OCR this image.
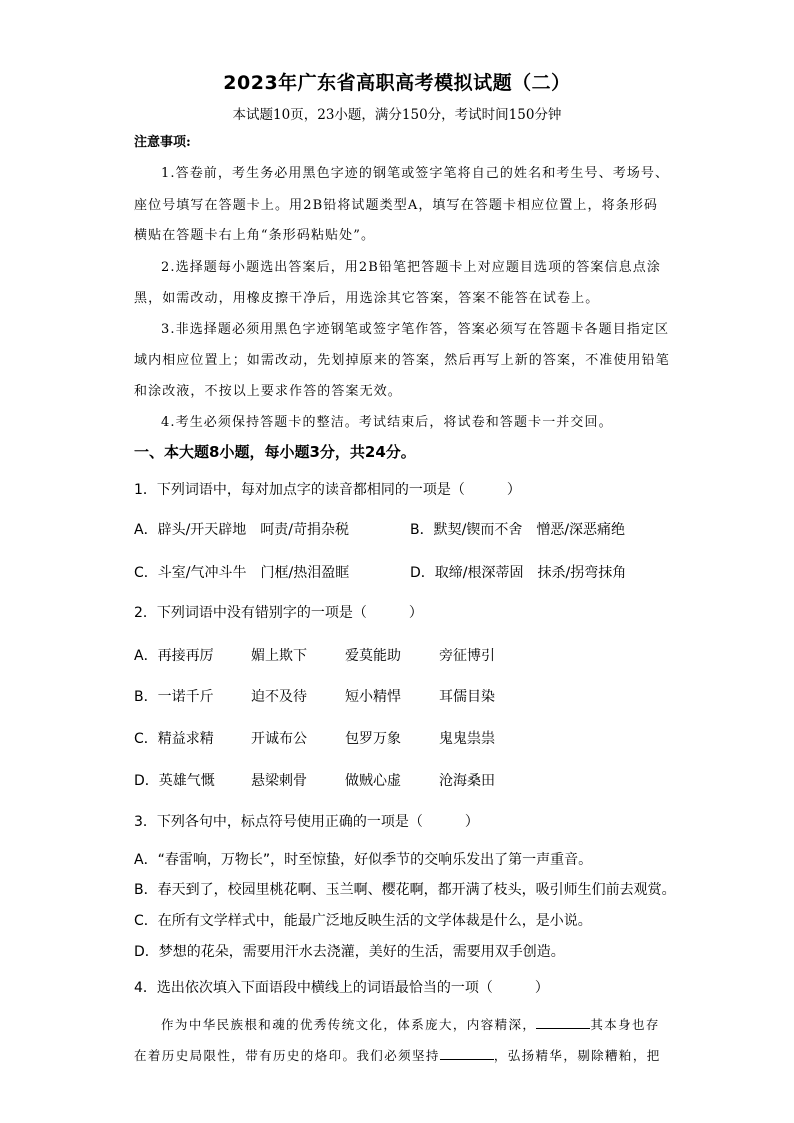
2023年广东省高职高考模拟试题（二）
本试题10页，23小题，满分150分，考试时间150分钟
注意事项:
1.答卷前，考生务必用黑色字迹的钢笔或签字笔将自己的姓名和考生号、考场号、
座位号填写在答题卡上。用2B铅将试题类型A，填写在答题卡相应位置上，将条形码
横贴在答题卡右上角“条形码粘贴处”。
2.选择题每小题选出答案后，用2B铅笔把答题卡上对应题目选项的答案信息点涂
黑，如需改动，用橡皮擦干净后，用选涂其它答案，答案不能答在试卷上。
3.非选择题必须用黑色字迹钢笔或签字笔作答，答案必须写在答题卡各题目指定区
域内相应位置上；如需改动，先划掉原来的答案，然后再写上新的答案，不准使用铅笔
和涂改液，不按以上要求作答的答案无效。
4.考生必须保持答题卡的整洁。考试结束后，将试卷和答题卡一并交回。
一、本大题8小题，每小题3分，共24分。
1．下列词语中，每对加点字的读音都相同的一项是（　　　）
A．辟头/开天辟地　呵责/苛捐杂税	B．默契/锲而不舍　憎恶/深恶痛绝
C．斗室/气冲斗牛　门框/热泪盈眶	D．取缔/根深蒂固　抹杀/拐弯抹角
2．下列词语中没有错别字的一项是（　　　）
A．再接再厉	媚上欺下	爱莫能助	旁征博引
B．一诺千斤	迫不及待	短小精悍	耳儒目染
C．精益求精	开诚布公	包罗万象	鬼鬼祟祟
D．英雄气慨	悬梁刺骨	做贼心虚	沧海桑田
3．下列各句中，标点符号使用正确的一项是（　　　）
A．“春雷响，万物长”，时至惊蛰，好似季节的交响乐发出了第一声重音。
B．春天到了，校园里桃花啊、玉兰啊、樱花啊，都开满了枝头，吸引师生们前去观赏。
C．在所有文学样式中，能最广泛地反映生活的文学体裁是什么，是小说。
D．梦想的花朵，需要用汗水去浇灌，美好的生活，需要用双手创造。
4．选出依次填入下面语段中横线上的词语最恰当的一项（　　　）
作为中华民族根和魂的优秀传统文化，体系庞大，内容精深，	其本身也存
在着历史局限性，带有历史的烙印。我们必须坚持	，弘扬精华，剔除糟粕，把
